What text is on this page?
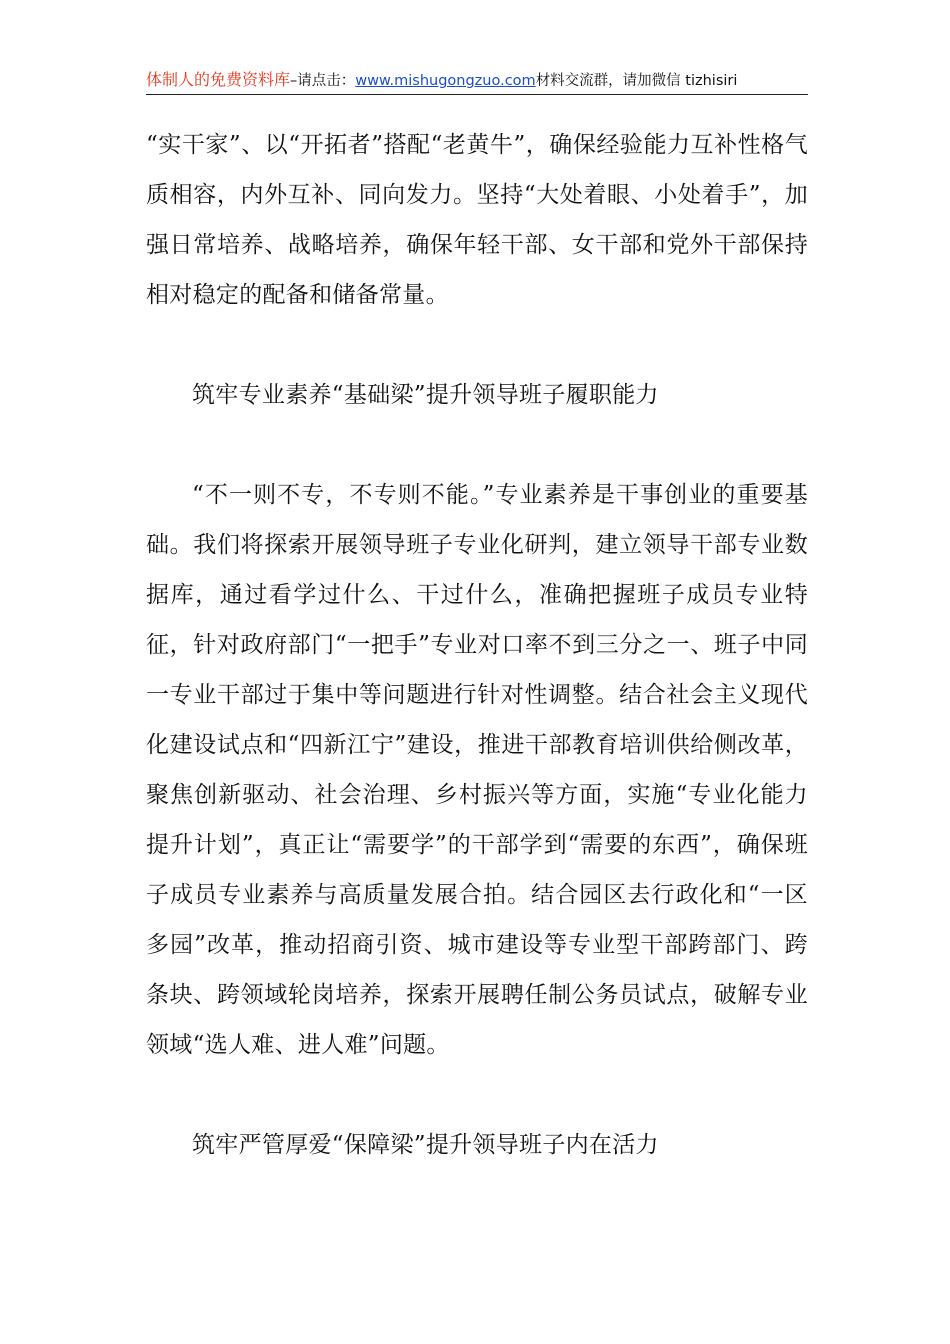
体制人的免费资料库–请点击：www.mishugongzuo.com材料交流群，请加微信 tizhisiri

“实干家”、以“开拓者”搭配“老黄牛”，确保经验能力互补性格气质相容，内外互补、同向发力。坚持“大处着眼、小处着手”，加强日常培养、战略培养，确保年轻干部、女干部和党外干部保持相对稳定的配备和储备常量。

筑牢专业素养“基础梁”提升领导班子履职能力

“不一则不专，不专则不能。”专业素养是干事创业的重要基础。我们将探索开展领导班子专业化研判，建立领导干部专业数据库，通过看学过什么、干过什么，准确把握班子成员专业特征，针对政府部门“一把手”专业对口率不到三分之一、班子中同一专业干部过于集中等问题进行针对性调整。结合社会主义现代化建设试点和“四新江宁”建设，推进干部教育培训供给侧改革，聚焦创新驱动、社会治理、乡村振兴等方面，实施“专业化能力提升计划”，真正让“需要学”的干部学到“需要的东西”，确保班子成员专业素养与高质量发展合拍。结合园区去行政化和“一区多园”改革，推动招商引资、城市建设等专业型干部跨部门、跨条块、跨领域轮岗培养，探索开展聘任制公务员试点，破解专业领域“选人难、进人难”问题。

筑牢严管厚爱“保障梁”提升领导班子内在活力
